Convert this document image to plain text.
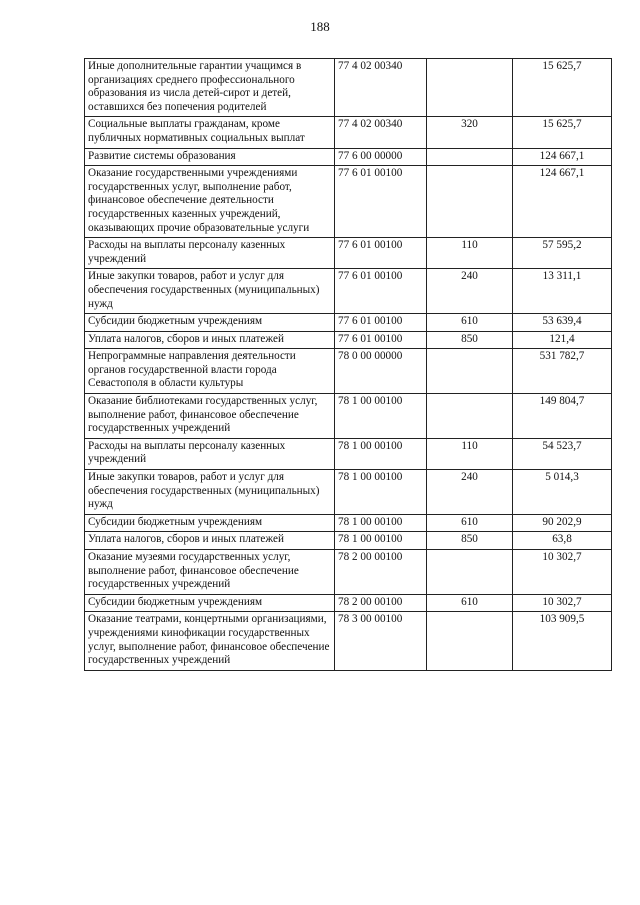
188
Иные дополнительные гарантии учащимся в организациях среднего профессионального образования из числа детей-сирот и детей, оставшихся без попечения родителей	77 4 02 00340		15 625,7
Социальные выплаты гражданам, кроме публичных нормативных социальных выплат	77 4 02 00340	320	15 625,7
Развитие системы образования	77 6 00 00000		124 667,1
Оказание государственными учреждениями государственных услуг, выполнение работ, финансовое обеспечение деятельности государственных казенных учреждений, оказывающих прочие образовательные услуги	77 6 01 00100		124 667,1
Расходы на выплаты персоналу казенных учреждений	77 6 01 00100	110	57 595,2
Иные закупки товаров, работ и услуг для обеспечения государственных (муниципальных) нужд	77 6 01 00100	240	13 311,1
Субсидии бюджетным учреждениям	77 6 01 00100	610	53 639,4
Уплата налогов, сборов и иных платежей	77 6 01 00100	850	121,4
Непрограммные направления деятельности органов государственной власти города Севастополя в области культуры	78 0 00 00000		531 782,7
Оказание библиотеками государственных услуг, выполнение работ, финансовое обеспечение государственных учреждений	78 1 00 00100		149 804,7
Расходы на выплаты персоналу казенных учреждений	78 1 00 00100	110	54 523,7
Иные закупки товаров, работ и услуг для обеспечения государственных (муниципальных) нужд	78 1 00 00100	240	5 014,3
Субсидии бюджетным учреждениям	78 1 00 00100	610	90 202,9
Уплата налогов, сборов и иных платежей	78 1 00 00100	850	63,8
Оказание музеями государственных услуг, выполнение работ, финансовое обеспечение государственных учреждений	78 2 00 00100		10 302,7
Субсидии бюджетным учреждениям	78 2 00 00100	610	10 302,7
Оказание театрами, концертными организациями, учреждениями кинофикации государственных услуг, выполнение работ, финансовое обеспечение государственных учреждений	78 3 00 00100		103 909,5
